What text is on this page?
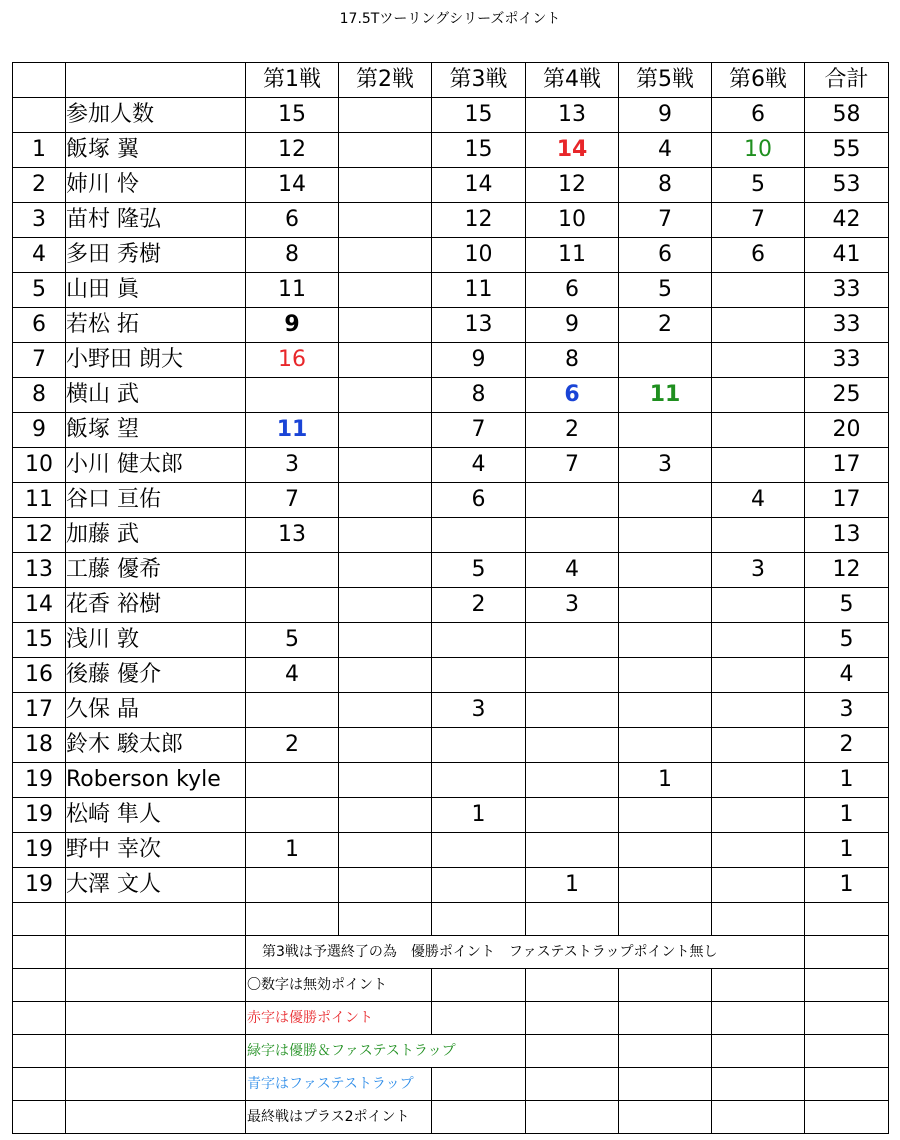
17.5Tツーリングシリーズポイント
		第1戦	第2戦	第3戦	第4戦	第5戦	第6戦	合計
	参加人数	15		15	13	9	6	58
1	飯塚 翼	12		15	14	4	10	55
2	姉川 怜	14		14	12	8	5	53
3	苗村 隆弘	6		12	10	7	7	42
4	多田 秀樹	8		10	11	6	6	41
5	山田 眞	11		11	6	5		33
6	若松 拓	9		13	9	2		33
7	小野田 朗大	16		9	8			33
8	横山 武			8	6	11		25
9	飯塚 望	11		7	2			20
10	小川 健太郎	3		4	7	3		17
11	谷口 亘佑	7		6			4	17
12	加藤 武	13						13
13	工藤 優希			5	4		3	12
14	花香 裕樹			2	3			5
15	浅川 敦	5						5
16	後藤 優介	4						4
17	久保 晶			3				3
18	鈴木 駿太郎	2						2
19	Roberson kyle					1		1
19	松崎 隼人			1				1
19	野中 幸次	1						1
19	大澤 文人				1			1

		第3戦は予選終了の為　優勝ポイント　ファステストラップポイント無し						
		〇数字は無効ポイント						
		赤字は優勝ポイント						
		緑字は優勝＆ファステストラップ						
		青字はファステストラップ						
		最終戦はプラス2ポイント						
